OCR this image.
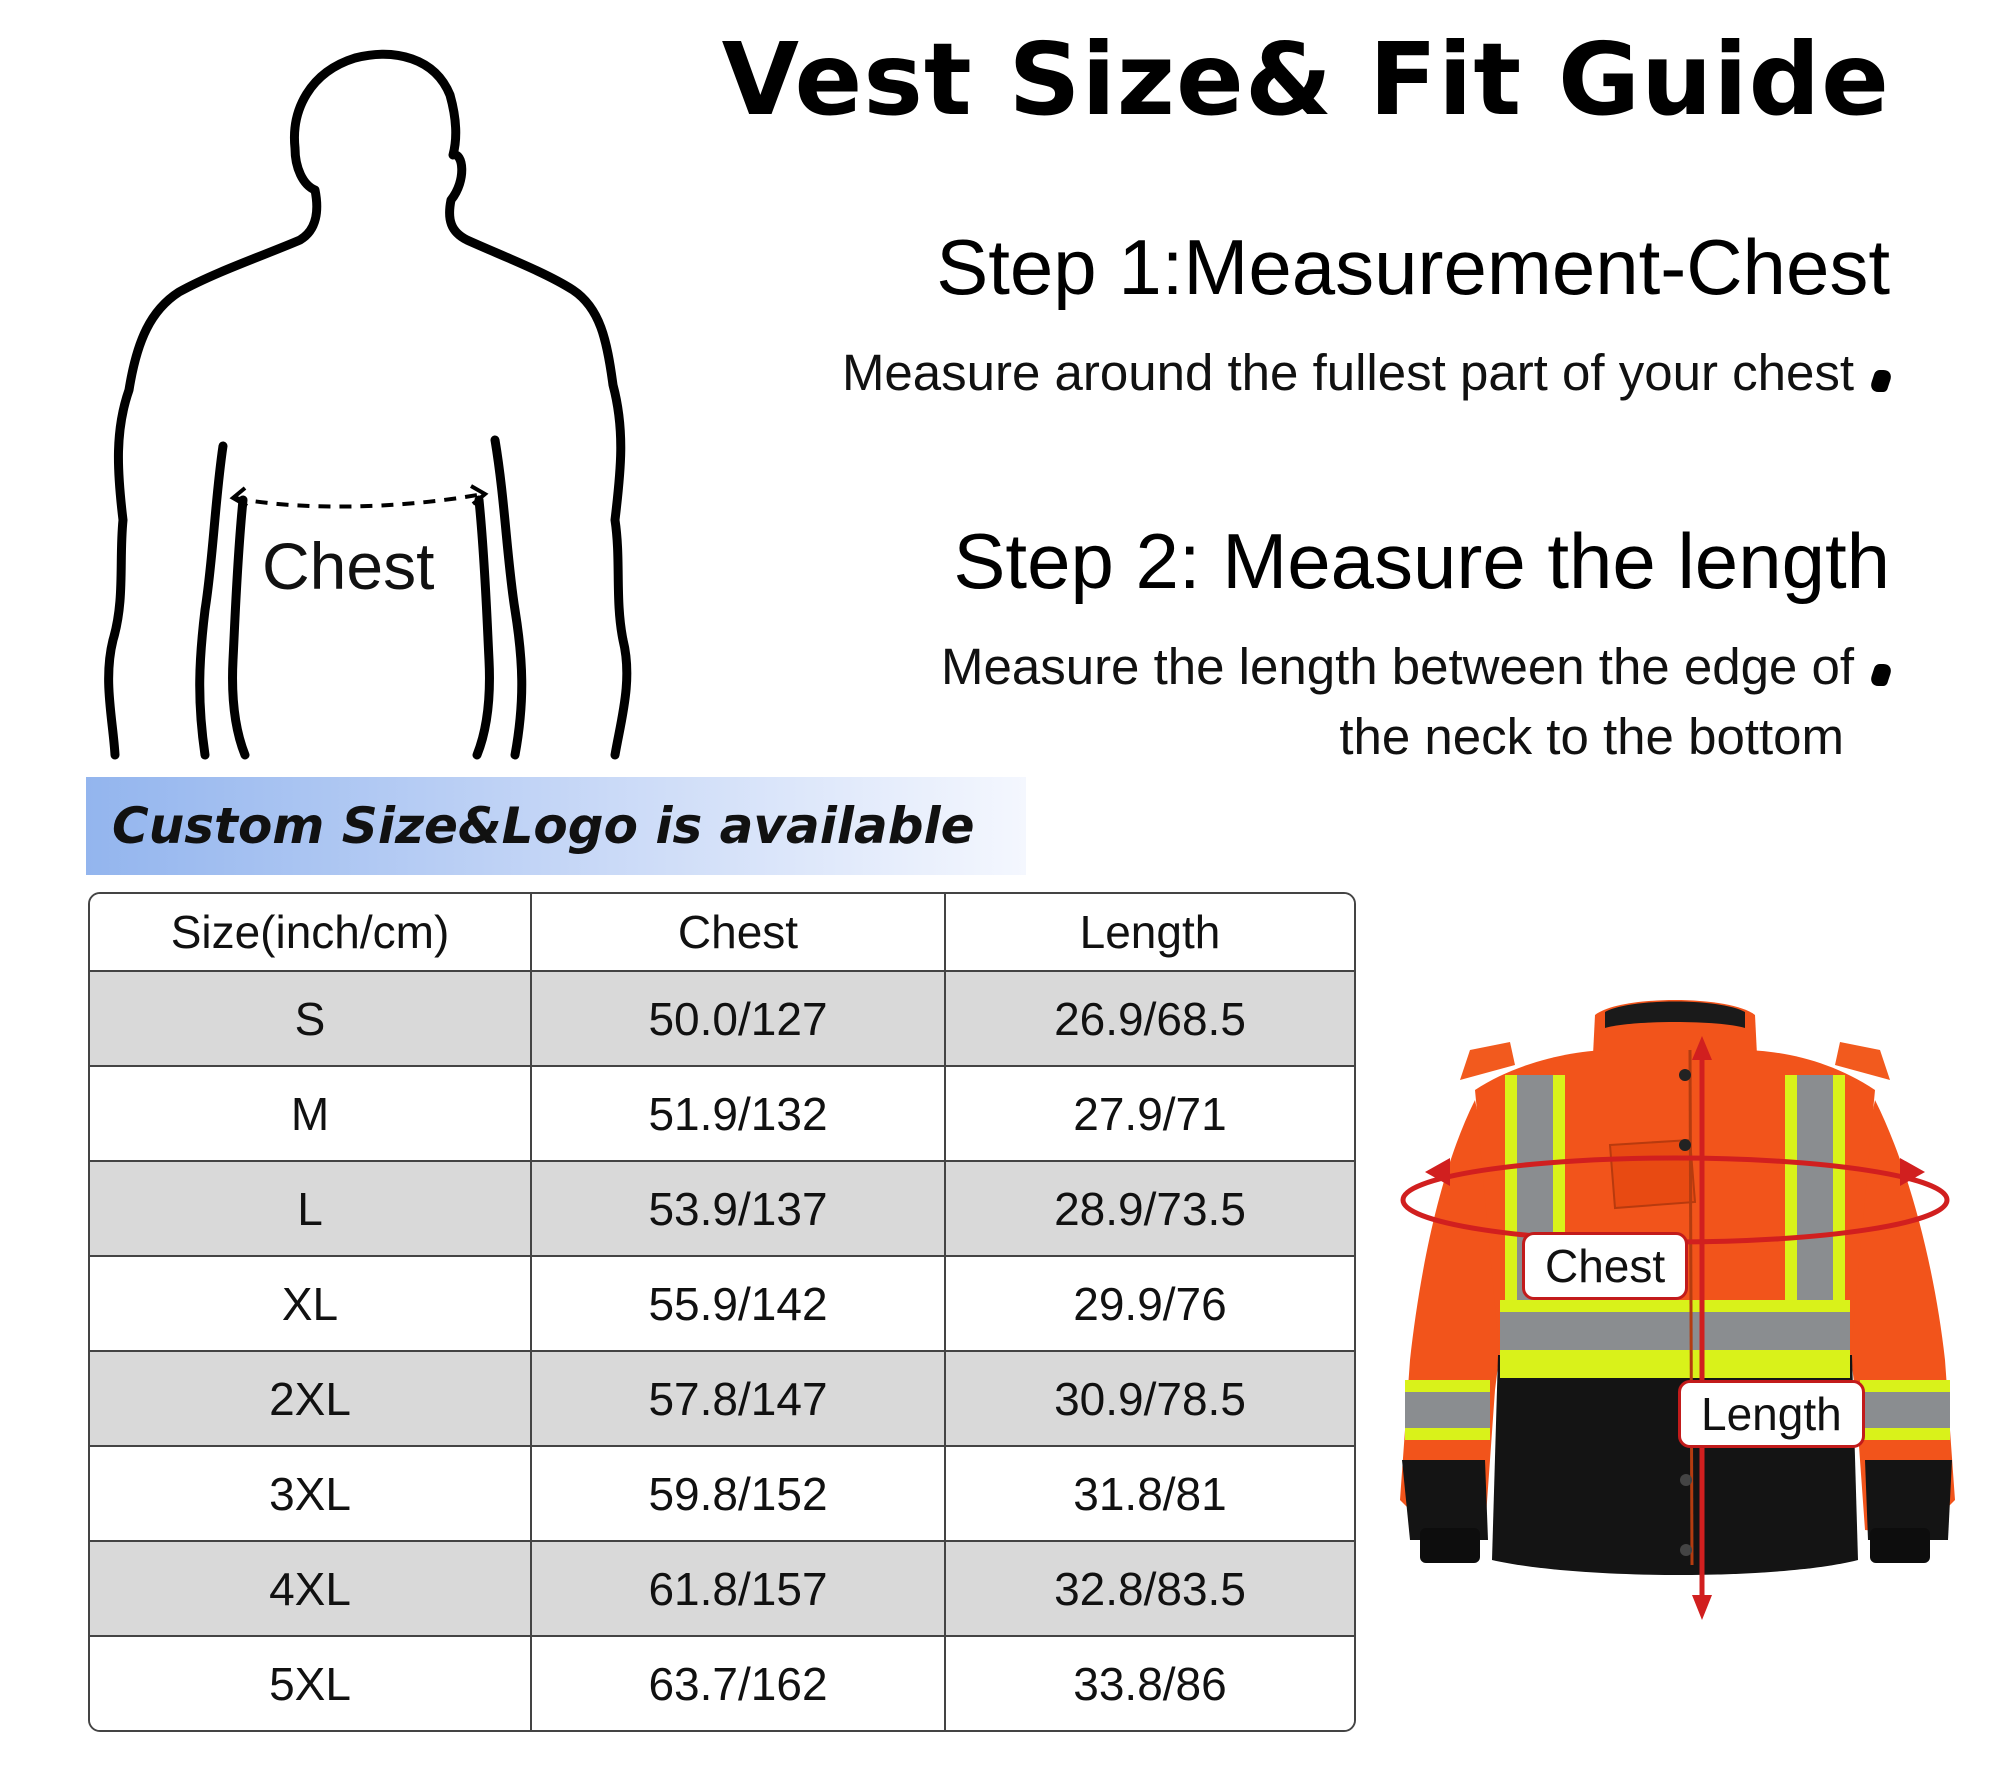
Vest Size& Fit Guide
Step 1:Measurement-Chest
Measure around the fullest part of your chest
Step 2: Measure the length
Measure the length between the edge of
the neck to the bottom
Chest
Custom Size&Logo is available
Size(inch/cm)	Chest	Length
S	50.0/127	26.9/68.5
M	51.9/132	27.9/71
L	53.9/137	28.9/73.5
XL	55.9/142	29.9/76
2XL	57.8/147	30.9/78.5
3XL	59.8/152	31.8/81
4XL	61.8/157	32.8/83.5
5XL	63.7/162	33.8/86
Chest
Length
